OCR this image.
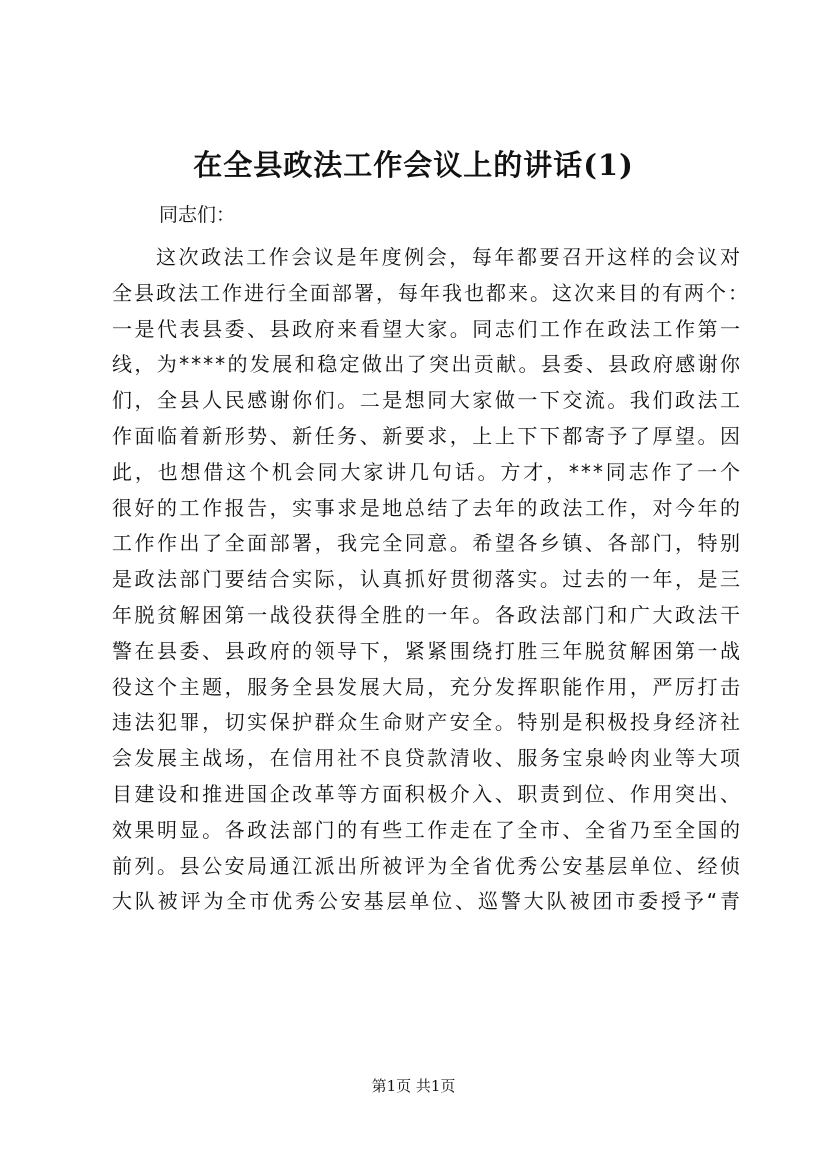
在全县政法工作会议上的讲话(1)

同志们：

这次政法工作会议是年度例会，每年都要召开这样的会议对
全县政法工作进行全面部署，每年我也都来。这次来目的有两个：
一是代表县委、县政府来看望大家。同志们工作在政法工作第一
线，为****的发展和稳定做出了突出贡献。县委、县政府感谢你
们，全县人民感谢你们。二是想同大家做一下交流。我们政法工
作面临着新形势、新任务、新要求，上上下下都寄予了厚望。因
此，也想借这个机会同大家讲几句话。方才，***同志作了一个
很好的工作报告，实事求是地总结了去年的政法工作，对今年的
工作作出了全面部署，我完全同意。希望各乡镇、各部门，特别
是政法部门要结合实际，认真抓好贯彻落实。过去的一年，是三
年脱贫解困第一战役获得全胜的一年。各政法部门和广大政法干
警在县委、县政府的领导下，紧紧围绕打胜三年脱贫解困第一战
役这个主题，服务全县发展大局，充分发挥职能作用，严厉打击
违法犯罪，切实保护群众生命财产安全。特别是积极投身经济社
会发展主战场，在信用社不良贷款清收、服务宝泉岭肉业等大项
目建设和推进国企改革等方面积极介入、职责到位、作用突出、
效果明显。各政法部门的有些工作走在了全市、全省乃至全国的
前列。县公安局通江派出所被评为全省优秀公安基层单位、经侦
大队被评为全市优秀公安基层单位、巡警大队被团市委授予“青

第1页 共1页
